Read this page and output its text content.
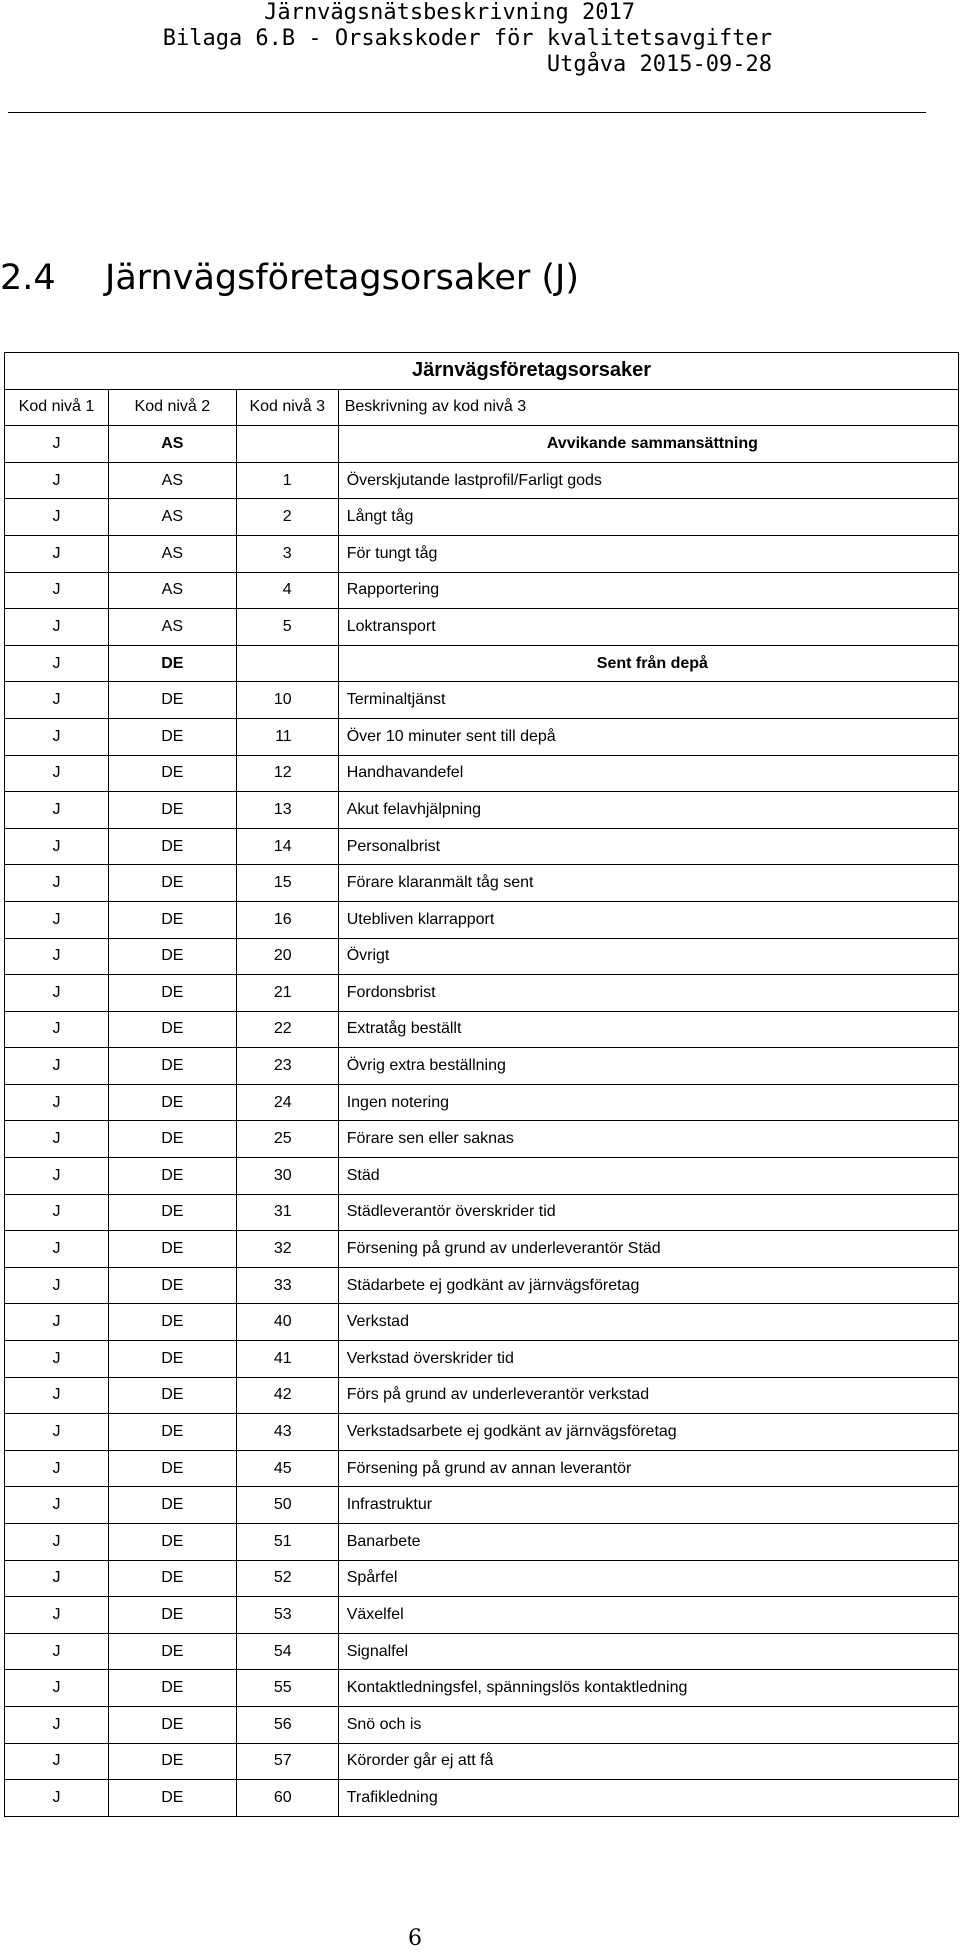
Järnvägsnätsbeskrivning 2017
Bilaga 6.B - Orsakskoder för kvalitetsavgifter
Utgåva 2015-09-28
2.4 Järnvägsföretagsorsaker (J)
Järnvägsföretagsorsaker			
Kod nivå 1	Kod nivå 2	Kod nivå 3	Beskrivning av kod nivå 3
J	AS		Avvikande sammansättning
J	AS	1	Överskjutande lastprofil/Farligt gods
J	AS	2	Långt tåg
J	AS	3	För tungt tåg
J	AS	4	Rapportering
J	AS	5	Loktransport
J	DE		Sent från depå
J	DE	10	Terminaltjänst
J	DE	11	Över 10 minuter sent till depå
J	DE	12	Handhavandefel
J	DE	13	Akut felavhjälpning
J	DE	14	Personalbrist
J	DE	15	Förare klaranmält tåg sent
J	DE	16	Utebliven klarrapport
J	DE	20	Övrigt
J	DE	21	Fordonsbrist
J	DE	22	Extratåg beställt
J	DE	23	Övrig extra beställning
J	DE	24	Ingen notering
J	DE	25	Förare sen eller saknas
J	DE	30	Städ
J	DE	31	Städleverantör överskrider tid
J	DE	32	Försening på grund av underleverantör Städ
J	DE	33	Städarbete ej godkänt av järnvägsföretag
J	DE	40	Verkstad
J	DE	41	Verkstad överskrider tid
J	DE	42	Förs på grund av underleverantör verkstad
J	DE	43	Verkstadsarbete ej godkänt av järnvägsföretag
J	DE	45	Försening på grund av annan leverantör
J	DE	50	Infrastruktur
J	DE	51	Banarbete
J	DE	52	Spårfel
J	DE	53	Växelfel
J	DE	54	Signalfel
J	DE	55	Kontaktledningsfel, spänningslös kontaktledning
J	DE	56	Snö och is
J	DE	57	Körorder går ej att få
J	DE	60	Trafikledning
6
